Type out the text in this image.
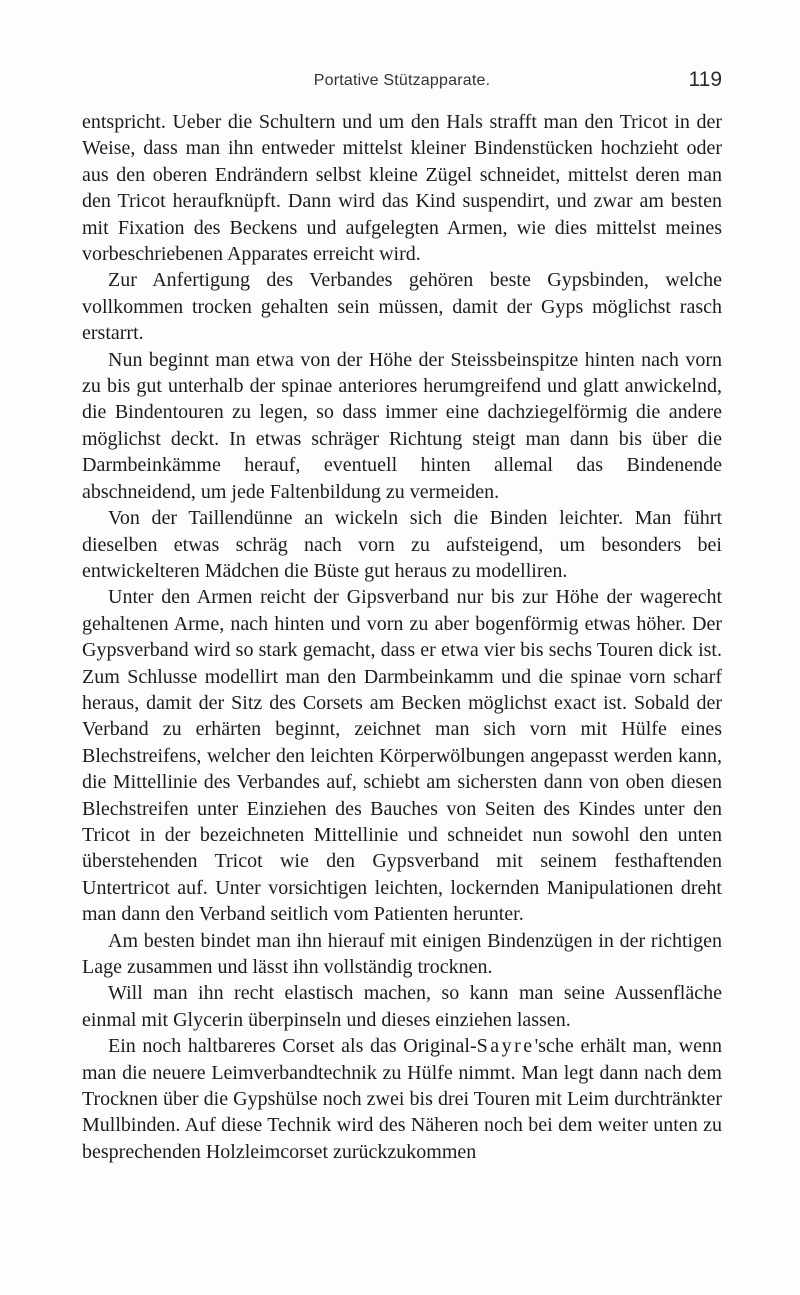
Portative Stützapparate.	119

entspricht. Ueber die Schultern und um den Hals strafft man den Tricot in der Weise, dass man ihn entweder mittelst kleiner Bindenstücken hochzieht oder aus den oberen Endrändern selbst kleine Zügel schneidet, mittelst deren man den Tricot heraufknüpft. Dann wird das Kind suspendirt, und zwar am besten mit Fixation des Beckens und aufgelegten Armen, wie dies mittelst meines vorbeschriebenen Apparates erreicht wird.

Zur Anfertigung des Verbandes gehören beste Gypsbinden, welche vollkommen trocken gehalten sein müssen, damit der Gyps möglichst rasch erstarrt.

Nun beginnt man etwa von der Höhe der Steissbeinspitze hinten nach vorn zu bis gut unterhalb der spinae anteriores herumgreifend und glatt anwickelnd, die Bindentouren zu legen, so dass immer eine dachziegelförmig die andere möglichst deckt. In etwas schräger Richtung steigt man dann bis über die Darmbeinkämme herauf, eventuell hinten allemal das Bindenende abschneidend, um jede Faltenbildung zu vermeiden.

Von der Taillendünne an wickeln sich die Binden leichter. Man führt dieselben etwas schräg nach vorn zu aufsteigend, um besonders bei entwickelteren Mädchen die Büste gut heraus zu modelliren.

Unter den Armen reicht der Gipsverband nur bis zur Höhe der wagerecht gehaltenen Arme, nach hinten und vorn zu aber bogenförmig etwas höher. Der Gypsverband wird so stark gemacht, dass er etwa vier bis sechs Touren dick ist. Zum Schlusse modellirt man den Darmbeinkamm und die spinae vorn scharf heraus, damit der Sitz des Corsets am Becken möglichst exact ist. Sobald der Verband zu erhärten beginnt, zeichnet man sich vorn mit Hülfe eines Blechstreifens, welcher den leichten Körperwölbungen angepasst werden kann, die Mittellinie des Verbandes auf, schiebt am sichersten dann von oben diesen Blechstreifen unter Einziehen des Bauches von Seiten des Kindes unter den Tricot in der bezeichneten Mittellinie und schneidet nun sowohl den unten überstehenden Tricot wie den Gypsverband mit seinem festhaftenden Untertricot auf. Unter vorsichtigen leichten, lockernden Manipulationen dreht man dann den Verband seitlich vom Patienten herunter.

Am besten bindet man ihn hierauf mit einigen Bindenzügen in der richtigen Lage zusammen und lässt ihn vollständig trocknen.

Will man ihn recht elastisch machen, so kann man seine Aussenfläche einmal mit Glycerin überpinseln und dieses einziehen lassen.

Ein noch haltbareres Corset als das Original-Sayre'sche erhält man, wenn man die neuere Leimverbandtechnik zu Hülfe nimmt. Man legt dann nach dem Trocknen über die Gypshülse noch zwei bis drei Touren mit Leim durchtränkter Mullbinden. Auf diese Technik wird des Näheren noch bei dem weiter unten zu besprechenden Holzleimcorset zurückzukommen
